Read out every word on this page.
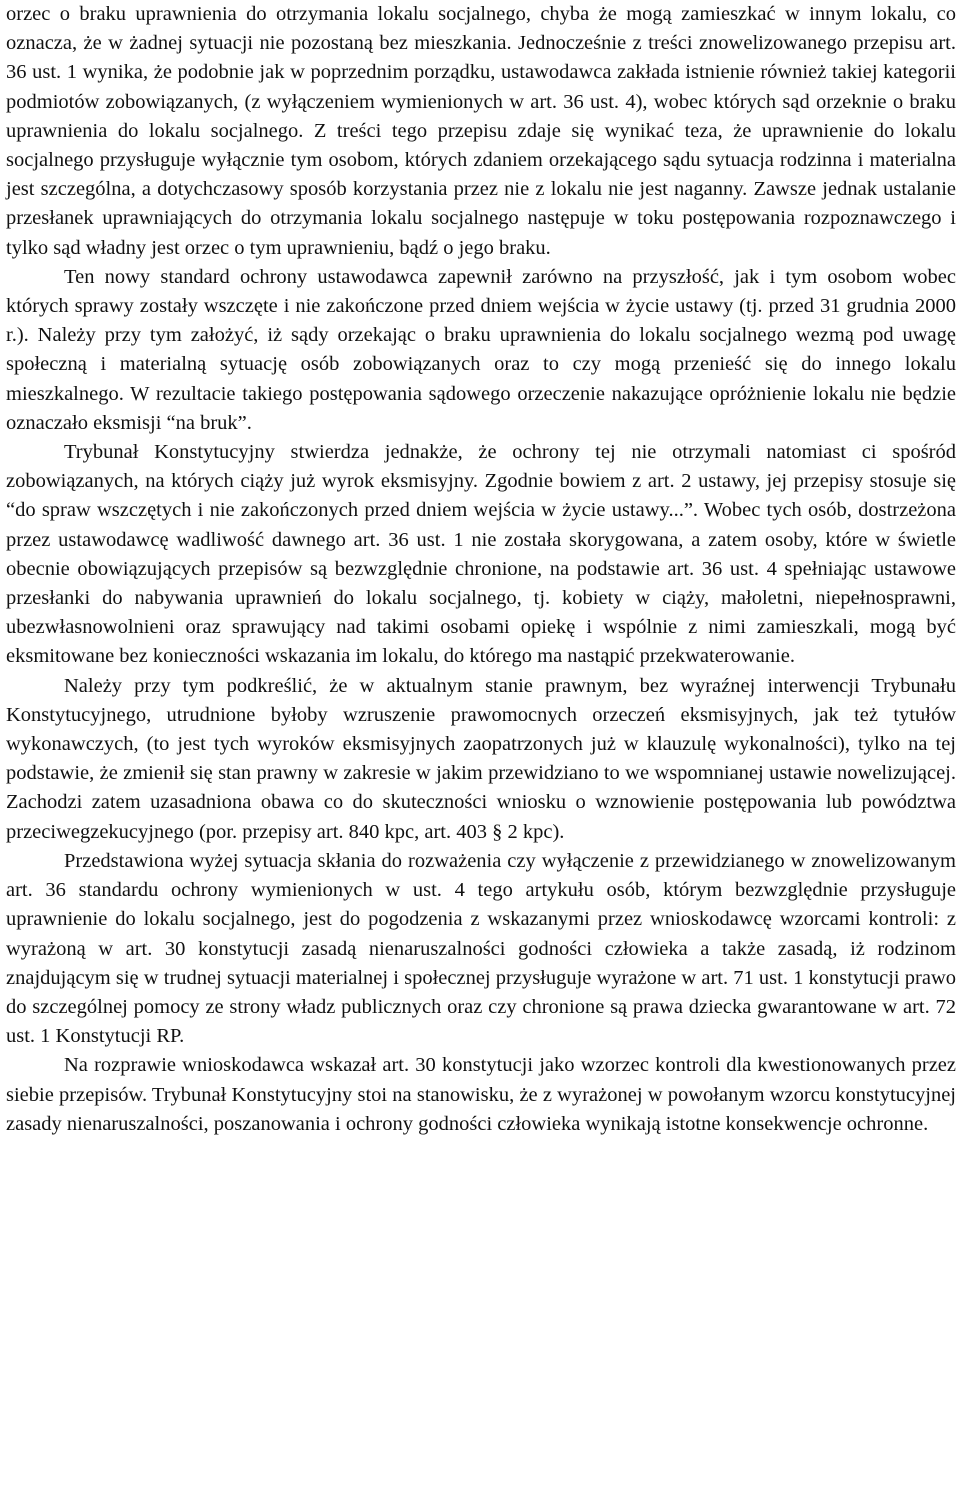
orzec o braku uprawnienia do otrzymania lokalu socjalnego, chyba że mogą zamieszkać w innym lokalu, co oznacza, że w żadnej sytuacji nie pozostaną bez mieszkania. Jednocześnie z treści znowelizowanego przepisu art. 36 ust. 1 wynika, że podobnie jak w poprzednim porządku, ustawodawca zakłada istnienie również takiej kategorii podmiotów zobowiązanych, (z wyłączeniem wymienionych w art. 36 ust. 4), wobec których sąd orzeknie o braku uprawnienia do lokalu socjalnego. Z treści tego przepisu zdaje się wynikać teza, że uprawnienie do lokalu socjalnego przysługuje wyłącznie tym osobom, których zdaniem orzekającego sądu sytuacja rodzinna i materialna jest szczególna, a dotychczasowy sposób korzystania przez nie z lokalu nie jest naganny. Zawsze jednak ustalanie przesłanek uprawniających do otrzymania lokalu socjalnego następuje w toku postępowania rozpoznawczego i tylko sąd władny jest orzec o tym uprawnieniu, bądź o jego braku.

Ten nowy standard ochrony ustawodawca zapewnił zarówno na przyszłość, jak i tym osobom wobec których sprawy zostały wszczęte i nie zakończone przed dniem wejścia w życie ustawy (tj. przed 31 grudnia 2000 r.). Należy przy tym założyć, iż sądy orzekając o braku uprawnienia do lokalu socjalnego wezmą pod uwagę społeczną i materialną sytuację osób zobowiązanych oraz to czy mogą przenieść się do innego lokalu mieszkalnego. W rezultacie takiego postępowania sądowego orzeczenie nakazujące opróżnienie lokalu nie będzie oznaczało eksmisji “na bruk”.

Trybunał Konstytucyjny stwierdza jednakże, że ochrony tej nie otrzymali natomiast ci spośród zobowiązanych, na których ciąży już wyrok eksmisyjny. Zgodnie bowiem z art. 2 ustawy, jej przepisy stosuje się “do spraw wszczętych i nie zakończonych przed dniem wejścia w życie ustawy...”. Wobec tych osób, dostrzeżona przez ustawodawcę wadliwość dawnego art. 36 ust. 1 nie została skorygowana, a zatem osoby, które w świetle obecnie obowiązujących przepisów są bezwzględnie chronione, na podstawie art. 36 ust. 4 spełniając ustawowe przesłanki do nabywania uprawnień do lokalu socjalnego, tj. kobiety w ciąży, małoletni, niepełnosprawni, ubezwłasnowolnieni oraz sprawujący nad takimi osobami opiekę i wspólnie z nimi zamieszkali, mogą być eksmitowane bez konieczności wskazania im lokalu, do którego ma nastąpić przekwaterowanie.

Należy przy tym podkreślić, że w aktualnym stanie prawnym, bez wyraźnej interwencji Trybunału Konstytucyjnego, utrudnione byłoby wzruszenie prawomocnych orzeczeń eksmisyjnych, jak też tytułów wykonawczych, (to jest tych wyroków eksmisyjnych zaopatrzonych już w klauzulę wykonalności), tylko na tej podstawie, że zmienił się stan prawny w zakresie w jakim przewidziano to we wspomnianej ustawie nowelizującej. Zachodzi zatem uzasadniona obawa co do skuteczności wniosku o wznowienie postępowania lub powództwa przeciwegzekucyjnego (por. przepisy art. 840 kpc, art. 403 § 2 kpc).

Przedstawiona wyżej sytuacja skłania do rozważenia czy wyłączenie z przewidzianego w znowelizowanym art. 36 standardu ochrony wymienionych w ust. 4 tego artykułu osób, którym bezwzględnie przysługuje uprawnienie do lokalu socjalnego, jest do pogodzenia z wskazanymi przez wnioskodawcę wzorcami kontroli: z wyrażoną w art. 30 konstytucji zasadą nienaruszalności godności człowieka a także zasadą, iż rodzinom znajdującym się w trudnej sytuacji materialnej i społecznej przysługuje wyrażone w art. 71 ust. 1 konstytucji prawo do szczególnej pomocy ze strony władz publicznych oraz czy chronione są prawa dziecka gwarantowane w art. 72 ust. 1 Konstytucji RP.

Na rozprawie wnioskodawca wskazał art. 30 konstytucji jako wzorzec kontroli dla kwestionowanych przez siebie przepisów. Trybunał Konstytucyjny stoi na stanowisku, że z wyrażonej w powołanym wzorcu konstytucyjnej zasady nienaruszalności, poszanowania i ochrony godności człowieka wynikają istotne konsekwencje ochronne.
